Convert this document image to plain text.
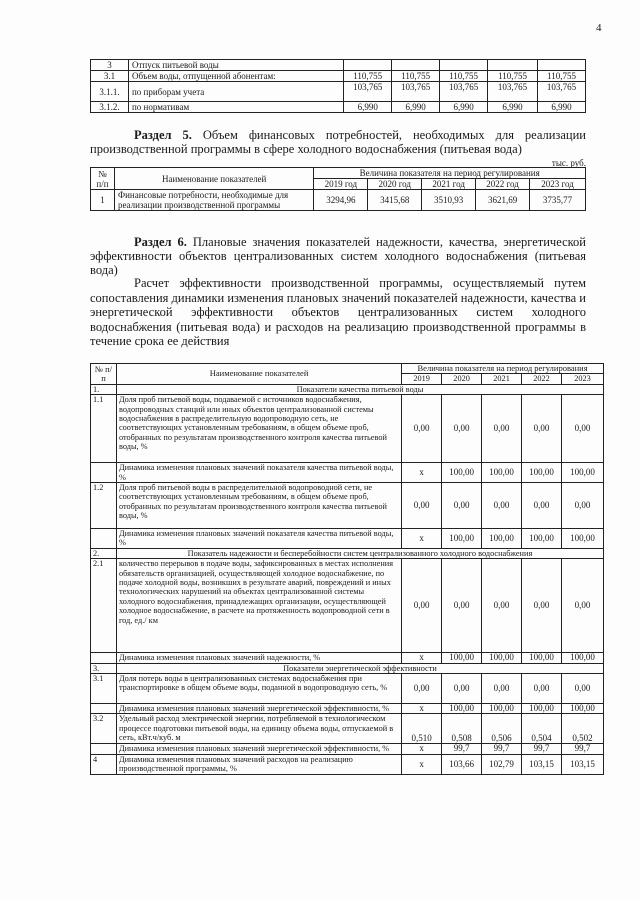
4
3	Отпуск питьевой воды					
3.1	Объем воды, отпущенной абонентам:	110,755	110,755	110,755	110,755	110,755
3.1.1.	по приборам учета	103,765	103,765	103,765	103,765	103,765
3.1.2.	по нормативам	6,990	6,990	6,990	6,990	6,990
Раздел 5. Объем финансовых потребностей, необходимых для реализации производственной программы в сфере холодного водоснабжения (питьевая вода)
тыс. руб.
№ п/п	Наименование показателей	Величина показателя на период регулирования				
		2019 год	2020 год	2021 год	2022 год	2023 год
1	Финансовые потребности, необходимые для реализации производственной программы	3294,96	3415,68	3510,93	3621,69	3735,77
Раздел 6. Плановые значения показателей надежности, качества, энергетической эффективности объектов централизованных систем холодного водоснабжения (питьевая вода)
Расчет эффективности производственной программы, осуществляемый путем сопоставления динамики изменения плановых значений показателей надежности, качества и энергетической эффективности объектов централизованных систем холодного водоснабжения (питьевая вода) и расходов на реализацию производственной программы в течение срока ее действия
№ п/п	Наименование показателей	Величина показателя на период регулирования				
		2019	2020	2021	2022	2023
1.	Показатели качества питьевой воды					
1.1	Доля проб питьевой воды, подаваемой с источников водоснабжения, водопроводных станций или иных объектов централизованной системы водоснабжения в распределительную водопроводную сеть, не соответствующих установленным требованиям, в общем объеме проб, отобранных по результатам производственного контроля качества питьевой воды, %	0,00	0,00	0,00	0,00	0,00
	Динамика изменения плановых значений показателя качества питьевой воды, %	х	100,00	100,00	100,00	100,00
1.2	Доля проб питьевой воды в распределительной водопроводной сети, не соответствующих установленным требованиям, в общем объеме проб, отобранных по результатам производственного контроля качества питьевой воды, %	0,00	0,00	0,00	0,00	0,00
	Динамика изменения плановых значений показателя качества питьевой воды, %	х	100,00	100,00	100,00	100,00
2.	Показатель надежности и бесперебойности систем централизованного холодного водоснабжения					
2.1	количество перерывов в подаче воды, зафиксированных в местах исполнения обязательств организацией, осуществляющей холодное водоснабжение, по подаче холодной воды, возникших в результате аварий, повреждений и иных технологических нарушений на объектах централизованной системы холодного водоснабжения, принадлежащих организации, осуществляющей холодное водоснабжение, в расчете на протяженность водопроводной сети в год, ед./ км	0,00	0,00	0,00	0,00	0,00
	Динамика изменения плановых значений надежности, %	х	100,00	100,00	100,00	100,00
3.	Показатели энергетической эффективности					
3.1	Доля потерь воды в централизованных системах водоснабжения при транспортировке в общем объеме воды, поданной в водопроводную сеть, %	0,00	0,00	0,00	0,00	0,00
	Динамика изменения плановых значений энергетической эффективности, %	х	100,00	100,00	100,00	100,00
3.2	Удельный расход электрической энергии, потребляемой в технологическом процессе подготовки питьевой воды, на единицу объема воды, отпускаемой в сеть, кВт.ч/куб. м	0,510	0,508	0,506	0,504	0,502
	Динамика изменения плановых значений энергетической эффективности, %	х	99,7	99,7	99,7	99,7
4	Динамика изменения плановых значений расходов на реализацию производственной программы, %	х	103,66	102,79	103,15	103,15
